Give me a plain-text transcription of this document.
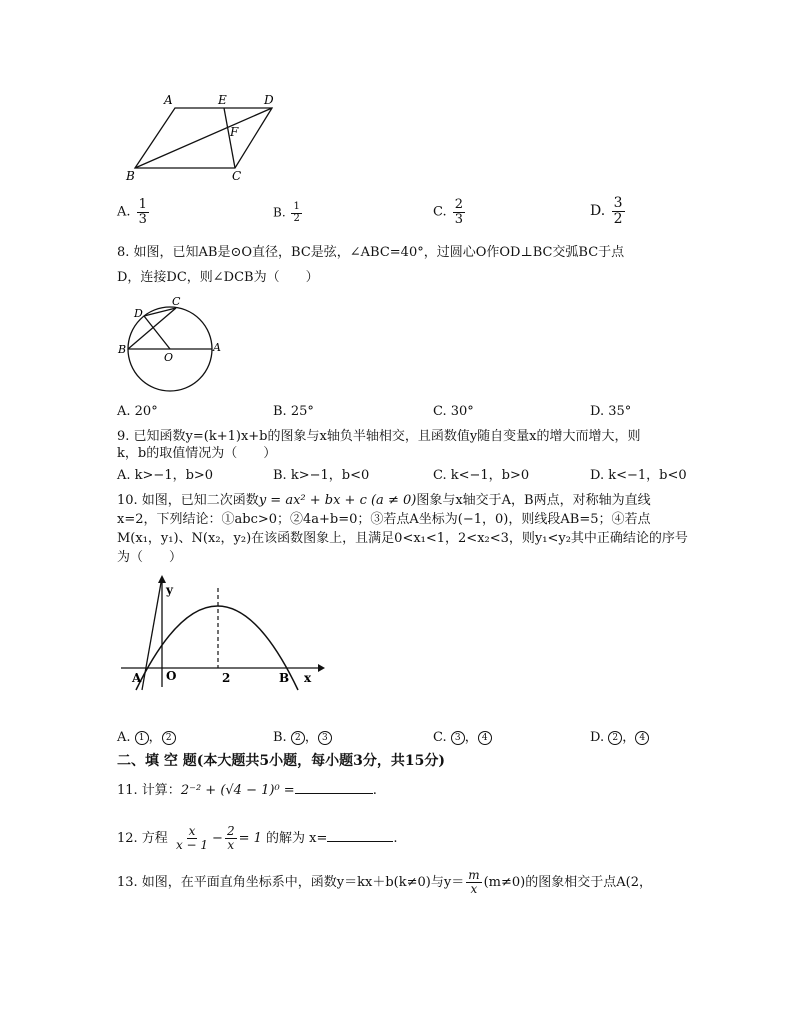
A	E	D
F
B	C
A. $\frac{1}{3}$	B. $\frac{1}{2}$	C. $\frac{2}{3}$	D. $\frac{3}{2}$
8. 如图，已知AB是⊙O直径，BC是弦，∠ABC=40°，过圆心O作OD⊥BC交弧BC于点
D，连接DC，则∠DCB为（　　）
C
D
B
O
A
A. 20°	B. 25°	C. 30°	D. 35°
9. 已知函数y=(k+1)x+b的图象与x轴负半轴相交，且函数值y随自变量x的增大而增大，则
k，b的取值情况为（　　）
A. k>−1，b>0	B. k>−1，b<0	C. k<−1，b>0	D. k<−1，b<0
10. 如图，已知二次函数y = ax² + bx + c (a ≠ 0)图象与x轴交于A，B两点，对称轴为直线
x=2，下列结论：①abc>0；②4a+b=0；③若点A坐标为(−1，0)，则线段AB=5；④若点
M(x₁，y₁)、N(x₂，y₂)在该函数图象上，且满足0<x₁<1，2<x₂<3，则y₁<y₂其中正确结论的序号
为（　　）
y
A O	2	B x
A. 1 ， 2	B. 2 ， 3	C. 3 ， 4	D. 2 ， 4
二、填 空 题(本大题共5小题，每小题3分，共15分)
11. 计算：2⁻² + (√4 − 1)⁰ =	.
12. 方程 $\frac{x}{x - 1} - \frac{2}{x} = 1$ 的解为 x=	.
13. 如图，在平面直角坐标系中，函数y＝kx＋b(k≠0)与$y= \frac{m}{x} (m\ne 0)$的图象相交于点A(2，
